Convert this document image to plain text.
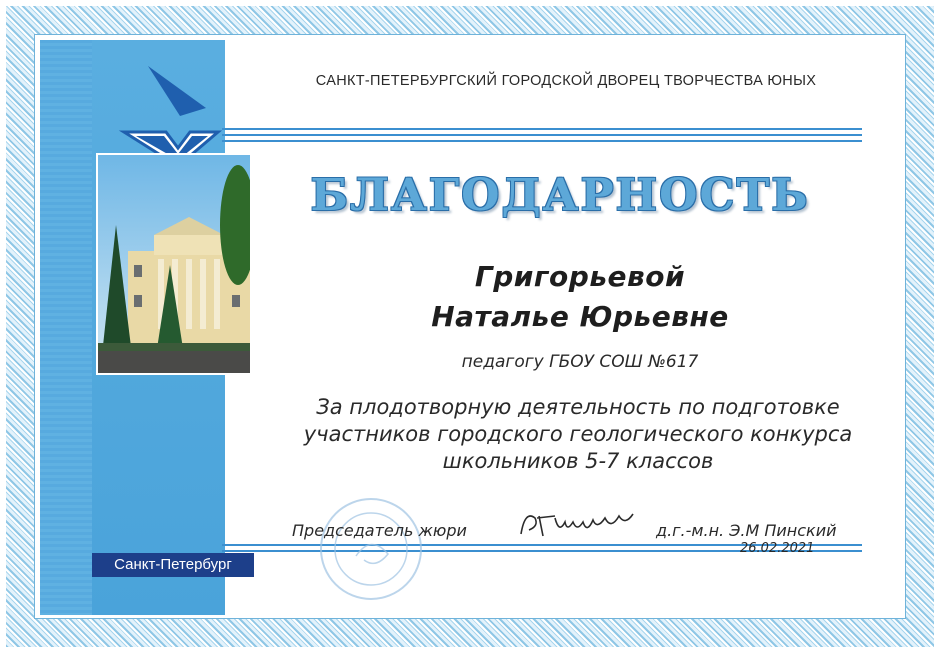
САНКТ-ПЕТЕРБУРГСКИЙ ГОРОДСКОЙ ДВОРЕЦ ТВОРЧЕСТВА ЮНЫХ
БЛАГОДАРНОСТЬ
Григорьевой
Наталье Юрьевне
педагогу ГБОУ СОШ №617
За плодотворную деятельность по подготовке
участников городского геологического конкурса
школьников 5-7 классов
Председатель жюри	д.г.-м.н. Э.М Пинский
26.02.2021
Санкт-Петербург
